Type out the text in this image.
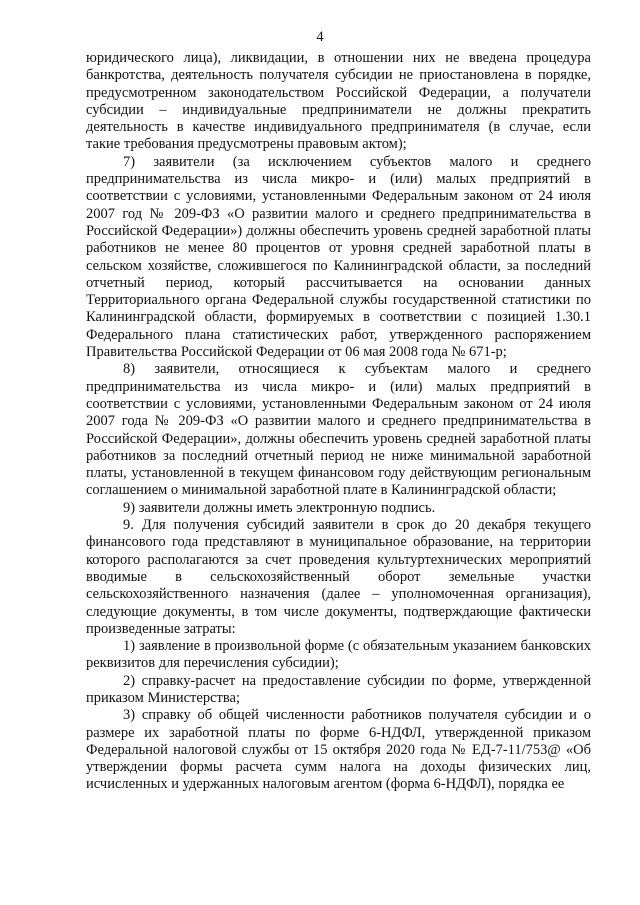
4

юридического лица), ликвидации, в отношении них не введена процедура банкротства, деятельность получателя субсидии не приостановлена в порядке, предусмотренном законодательством Российской Федерации, а получатели субсидии – индивидуальные предприниматели не должны прекратить деятельность в качестве индивидуального предпринимателя (в случае, если такие требования предусмотрены правовым актом);

7) заявители (за исключением субъектов малого и среднего предпринимательства из числа микро- и (или) малых предприятий в соответствии с условиями, установленными Федеральным законом от 24 июля 2007 год № 209-ФЗ «О развитии малого и среднего предпринимательства в Российской Федерации») должны обеспечить уровень средней заработной платы работников не менее 80 процентов от уровня средней заработной платы в сельском хозяйстве, сложившегося по Калининградской области, за последний отчетный период, который рассчитывается на основании данных Территориального органа Федеральной службы государственной статистики по Калининградской области, формируемых в соответствии с позицией 1.30.1 Федерального плана статистических работ, утвержденного распоряжением Правительства Российской Федерации от 06 мая 2008 года № 671-р;

8) заявители, относящиеся к субъектам малого и среднего предпринимательства из числа микро- и (или) малых предприятий в соответствии с условиями, установленными Федеральным законом от 24 июля 2007 года № 209-ФЗ «О развитии малого и среднего предпринимательства в Российской Федерации», должны обеспечить уровень средней заработной платы работников за последний отчетный период не ниже минимальной заработной платы, установленной в текущем финансовом году действующим региональным соглашением о минимальной заработной плате в Калининградской области;

9) заявители должны иметь электронную подпись.

9. Для получения субсидий заявители в срок до 20 декабря текущего финансового года представляют в муниципальное образование, на территории которого располагаются за счет проведения культуртехнических мероприятий вводимые в сельскохозяйственный оборот земельные участки сельскохозяйственного назначения (далее – уполномоченная организация), следующие документы, в том числе документы, подтверждающие фактически произведенные затраты:

1) заявление в произвольной форме (с обязательным указанием банковских реквизитов для перечисления субсидии);

2) справку-расчет на предоставление субсидии по форме, утвержденной приказом Министерства;

3) справку об общей численности работников получателя субсидии и о размере их заработной платы по форме 6-НДФЛ, утвержденной приказом Федеральной налоговой службы от 15 октября 2020 года № ЕД-7-11/753@ «Об утверждении формы расчета сумм налога на доходы физических лиц, исчисленных и удержанных налоговым агентом (форма 6-НДФЛ), порядка ее
